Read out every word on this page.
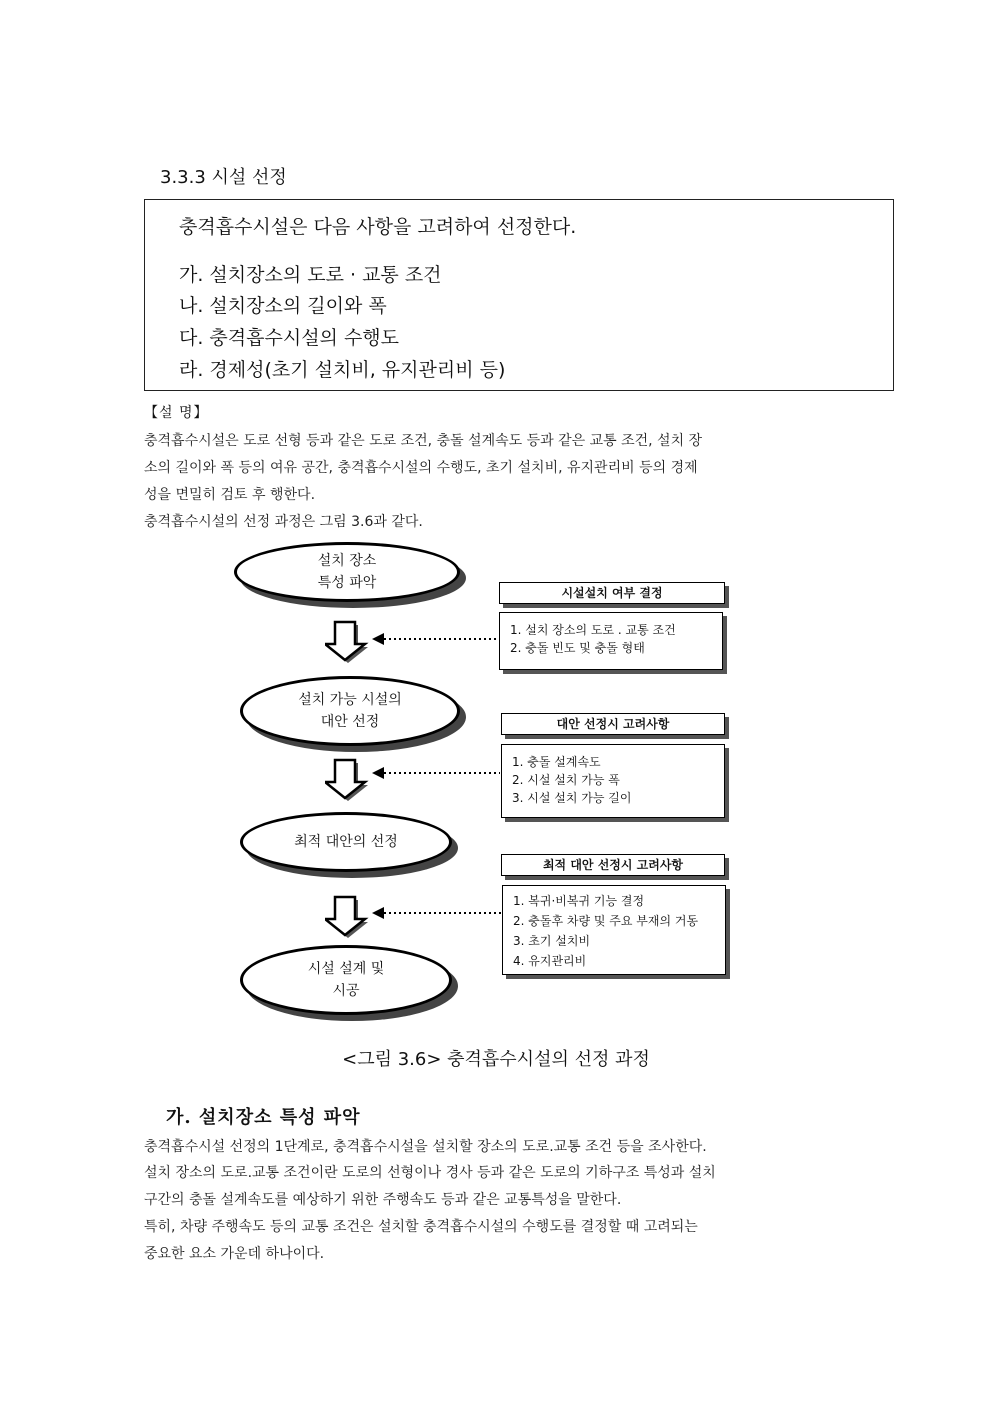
3.3.3 시설 선정
충격흡수시설은 다음 사항을 고려하여 선정한다.
가. 설치장소의 도로 · 교통 조건
나. 설치장소의 길이와 폭
다. 충격흡수시설의 수행도
라. 경제성(초기 설치비, 유지관리비 등)
【설 명】
충격흡수시설은 도로 선형 등과 같은 도로 조건, 충돌 설계속도 등과 같은 교통 조건, 설치 장
소의 길이와 폭 등의 여유 공간, 충격흡수시설의 수행도, 초기 설치비, 유지관리비 등의 경제
성을 면밀히 검토 후 행한다.
충격흡수시설의 선정 과정은 그림 3.6과 같다.
설치 장소
특성 파악
설치 가능 시설의
대안 선정
최적 대안의 선정
시설 설계 및
시공
시설설치 여부 결정
1. 설치 장소의 도로 . 교통 조건
2. 충돌 빈도 및 충돌 형태
대안 선정시 고려사항
1. 충돌 설계속도
2. 시설 설치 가능 폭
3. 시설 설치 가능 길이
최적 대안 선정시 고려사항
1. 복귀·비복귀 기능 결정
2. 충돌후 차량 및 주요 부재의 거동
3. 초기 설치비
4. 유지관리비
<그림 3.6> 충격흡수시설의 선정 과정
가. 설치장소 특성 파악
충격흡수시설 선정의 1단계로, 충격흡수시설을 설치할 장소의 도로.교통 조건 등을 조사한다.
설치 장소의 도로.교통 조건이란 도로의 선형이나 경사 등과 같은 도로의 기하구조 특성과 설치
구간의 충돌 설계속도를 예상하기 위한 주행속도 등과 같은 교통특성을 말한다.
특히, 차량 주행속도 등의 교통 조건은 설치할 충격흡수시설의 수행도를 결정할 때 고려되는
중요한 요소 가운데 하나이다.
